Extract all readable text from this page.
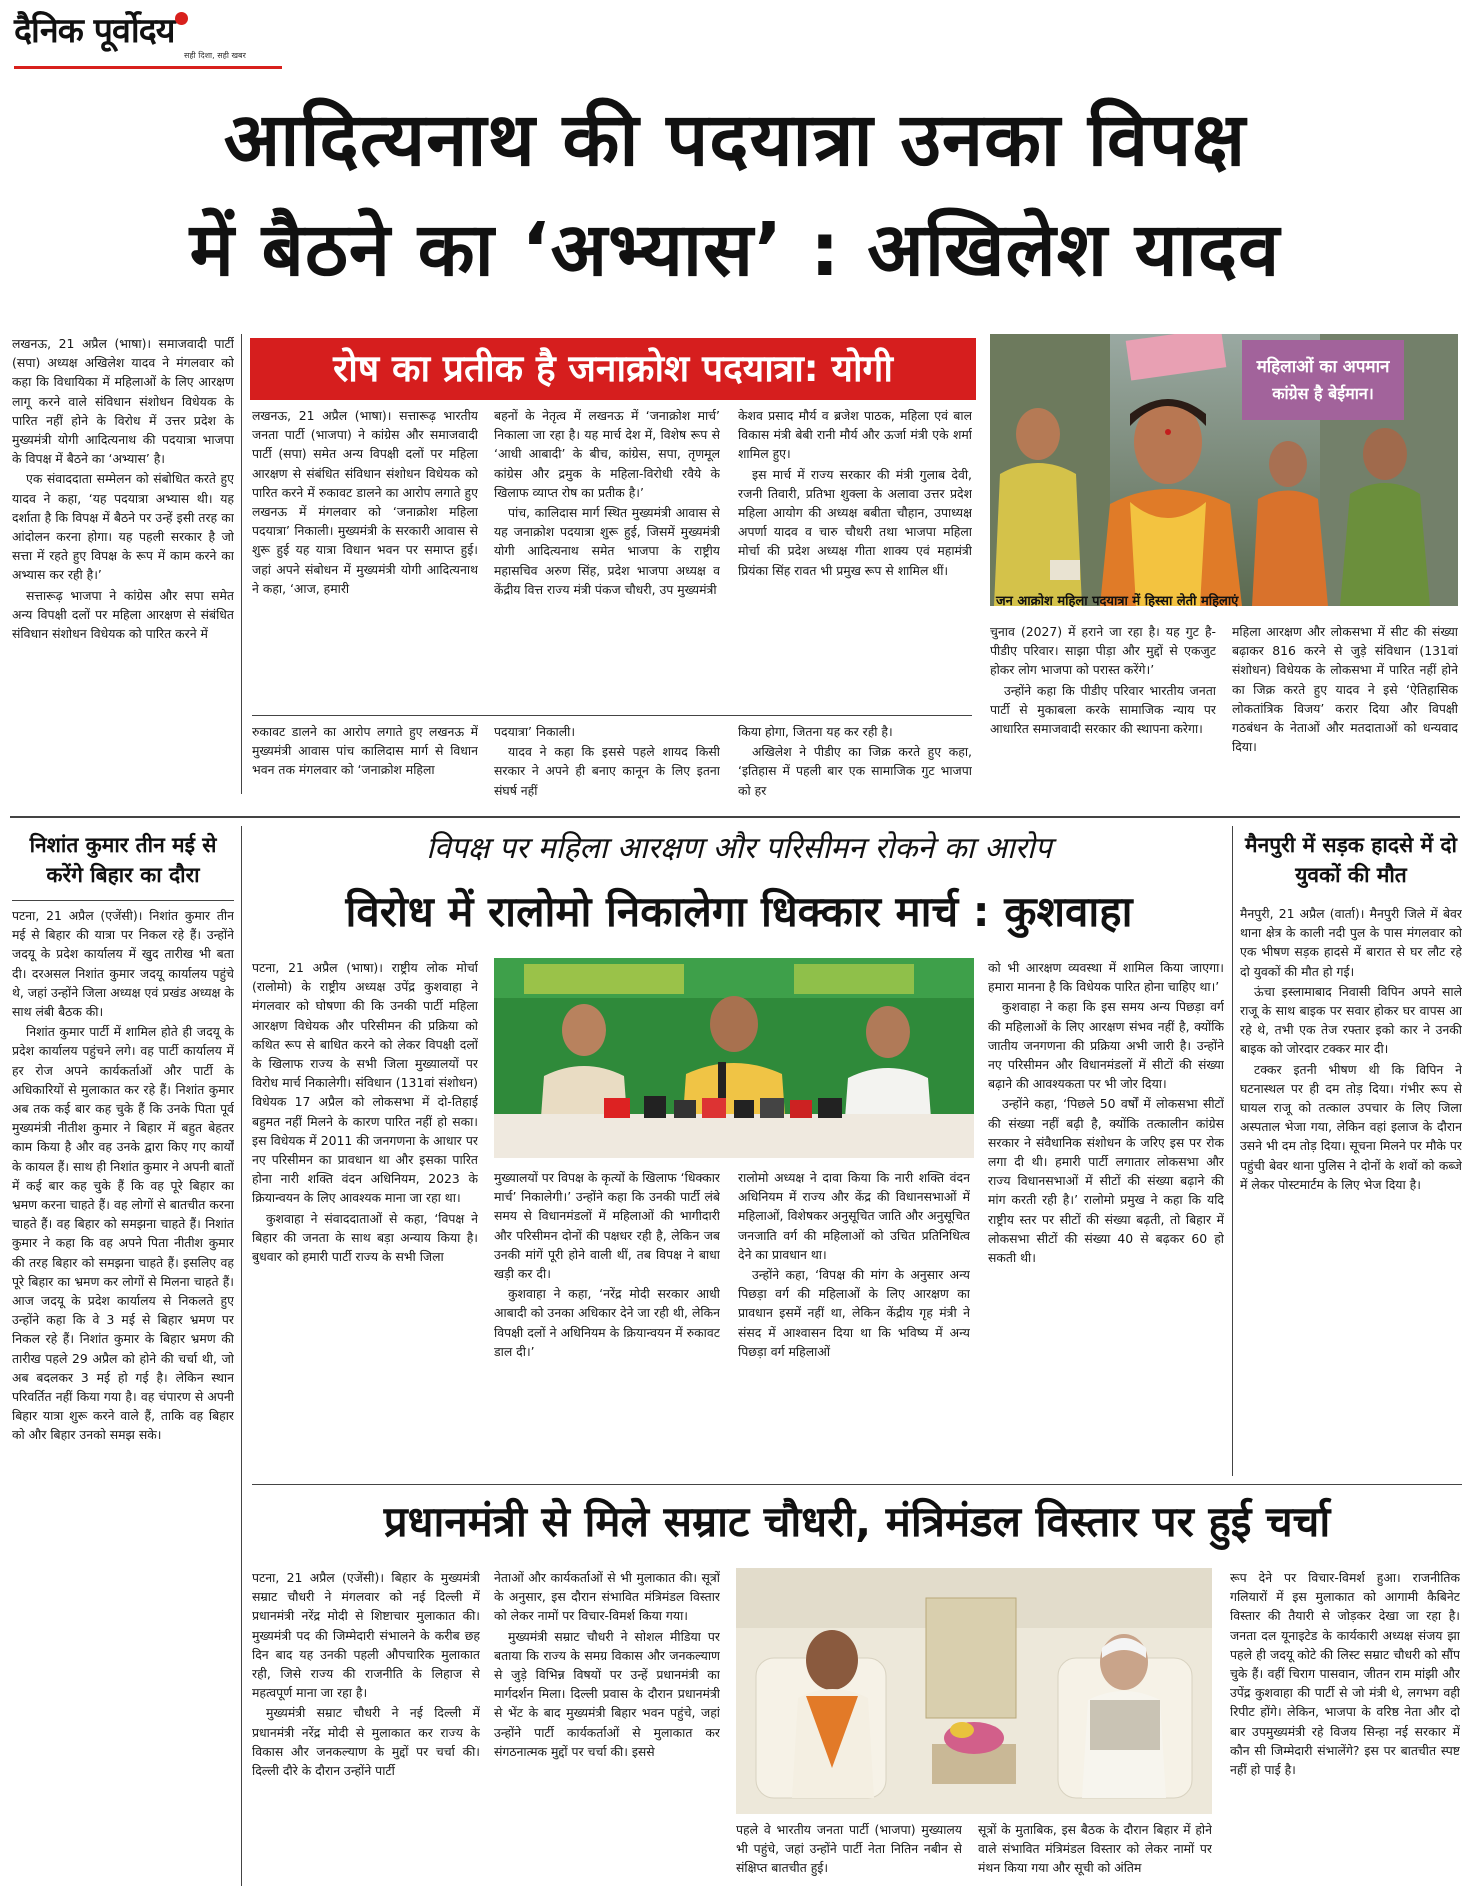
दैनिक पूर्वोदय
सही दिशा, सही खबर
आदित्यनाथ की पदयात्रा उनका विपक्ष
में बैठने का ‘अभ्यास’ : अखिलेश यादव

लखनऊ, 21 अप्रैल (भाषा)। समाजवादी पार्टी (सपा) अध्यक्ष अखिलेश यादव ने मंगलवार को कहा कि विधायिका में महिलाओं के लिए आरक्षण लागू करने वाले संविधान संशोधन विधेयक के पारित नहीं होने के विरोध में उत्तर प्रदेश के मुख्यमंत्री योगी आदित्यनाथ की पदयात्रा भाजपा के विपक्ष में बैठने का ‘अभ्यास’ है।

एक संवाददाता सम्मेलन को संबोधित करते हुए यादव ने कहा, ‘यह पदयात्रा अभ्यास थी। यह दर्शाता है कि विपक्ष में बैठने पर उन्हें इसी तरह का आंदोलन करना होगा। यह पहली सरकार है जो सत्ता में रहते हुए विपक्ष के रूप में काम करने का अभ्यास कर रही है।’

सत्तारूढ़ भाजपा ने कांग्रेस और सपा समेत अन्य विपक्षी दलों पर महिला आरक्षण से संबंधित संविधान संशोधन विधेयक को पारित करने में

रोष का प्रतीक है जनाक्रोश पदयात्रा: योगी

लखनऊ, 21 अप्रैल (भाषा)। सत्तारूढ़ भारतीय जनता पार्टी (भाजपा) ने कांग्रेस और समाजवादी पार्टी (सपा) समेत अन्य विपक्षी दलों पर महिला आरक्षण से संबंधित संविधान संशोधन विधेयक को पारित करने में रुकावट डालने का आरोप लगाते हुए लखनऊ में मंगलवार को ‘जनाक्रोश महिला पदयात्रा’ निकाली। मुख्यमंत्री के सरकारी आवास से शुरू हुई यह यात्रा विधान भवन पर समाप्त हुई। जहां अपने संबोधन में मुख्यमंत्री योगी आदित्यनाथ ने कहा, ‘आज, हमारी

बहनों के नेतृत्व में लखनऊ में ‘जनाक्रोश मार्च’ निकाला जा रहा है। यह मार्च देश में, विशेष रूप से ‘आधी आबादी’ के बीच, कांग्रेस, सपा, तृणमूल कांग्रेस और द्रमुक के महिला-विरोधी रवैये के खिलाफ व्याप्त रोष का प्रतीक है।’

पांच, कालिदास मार्ग स्थित मुख्यमंत्री आवास से यह जनाक्रोश पदयात्रा शुरू हुई, जिसमें मुख्यमंत्री योगी आदित्यनाथ समेत भाजपा के राष्ट्रीय महासचिव अरुण सिंह, प्रदेश भाजपा अध्यक्ष व केंद्रीय वित्त राज्य मंत्री पंकज चौधरी, उप मुख्यमंत्री

केशव प्रसाद मौर्य व ब्रजेश पाठक, महिला एवं बाल विकास मंत्री बेबी रानी मौर्य और ऊर्जा मंत्री एके शर्मा शामिल हुए।

इस मार्च में राज्य सरकार की मंत्री गुलाब देवी, रजनी तिवारी, प्रतिभा शुक्ला के अलावा उत्तर प्रदेश महिला आयोग की अध्यक्ष बबीता चौहान, उपाध्यक्ष अपर्णा यादव व चारु चौधरी तथा भाजपा महिला मोर्चा की प्रदेश अध्यक्ष गीता शाक्य एवं महामंत्री प्रियंका सिंह रावत भी प्रमुख रूप से शामिल थीं।

रुकावट डालने का आरोप लगाते हुए लखनऊ में मुख्यमंत्री आवास पांच कालिदास मार्ग से विधान भवन तक मंगलवार को ‘जनाक्रोश महिला

पदयात्रा’ निकाली।

यादव ने कहा कि इससे पहले शायद किसी सरकार ने अपने ही बनाए कानून के लिए इतना संघर्ष नहीं

किया होगा, जितना यह कर रही है।

अखिलेश ने पीडीए का जिक्र करते हुए कहा, ‘इतिहास में पहली बार एक सामाजिक गुट भाजपा को हर

महिलाओं का अपमान
कांग्रेस है बेईमान।
जन आक्रोश महिला पदयात्रा में हिस्सा लेती महिलाएं

चुनाव (2027) में हराने जा रहा है। यह गुट है-पीडीए परिवार। साझा पीड़ा और मुद्दों से एकजुट होकर लोग भाजपा को परास्त करेंगे।’

उन्होंने कहा कि पीडीए परिवार भारतीय जनता पार्टी से मुकाबला करके सामाजिक न्याय पर आधारित समाजवादी सरकार की स्थापना करेगा।

महिला आरक्षण और लोकसभा में सीट की संख्या बढ़ाकर 816 करने से जुड़े संविधान (131वां संशोधन) विधेयक के लोकसभा में पारित नहीं होने का जिक्र करते हुए यादव ने इसे ‘ऐतिहासिक लोकतांत्रिक विजय’ करार दिया और विपक्षी गठबंधन के नेताओं और मतदाताओं को धन्यवाद दिया।

निशांत कुमार तीन मई से करेंगे बिहार का दौरा

पटना, 21 अप्रैल (एजेंसी)। निशांत कुमार तीन मई से बिहार की यात्रा पर निकल रहे हैं। उन्होंने जदयू के प्रदेश कार्यालय में खुद तारीख भी बता दी। दरअसल निशांत कुमार जदयू कार्यालय पहुंचे थे, जहां उन्होंने जिला अध्यक्ष एवं प्रखंड अध्यक्ष के साथ लंबी बैठक की।

निशांत कुमार पार्टी में शामिल होते ही जदयू के प्रदेश कार्यालय पहुंचने लगे। वह पार्टी कार्यालय में हर रोज अपने कार्यकर्ताओं और पार्टी के अधिकारियों से मुलाकात कर रहे हैं। निशांत कुमार अब तक कई बार कह चुके हैं कि उनके पिता पूर्व मुख्यमंत्री नीतीश कुमार ने बिहार में बहुत बेहतर काम किया है और वह उनके द्वारा किए गए कार्यों के कायल हैं। साथ ही निशांत कुमार ने अपनी बातों में कई बार कह चुके हैं कि वह पूरे बिहार का भ्रमण करना चाहते हैं। वह लोगों से बातचीत करना चाहते हैं। वह बिहार को समझना चाहते हैं। निशांत कुमार ने कहा कि वह अपने पिता नीतीश कुमार की तरह बिहार को समझना चाहते हैं। इसलिए वह पूरे बिहार का भ्रमण कर लोगों से मिलना चाहते हैं। आज जदयू के प्रदेश कार्यालय से निकलते हुए उन्होंने कहा कि वे 3 मई से बिहार भ्रमण पर निकल रहे हैं। निशांत कुमार के बिहार भ्रमण की तारीख पहले 29 अप्रैल को होने की चर्चा थी, जो अब बदलकर 3 मई हो गई है। लेकिन स्थान परिवर्तित नहीं किया गया है। वह चंपारण से अपनी बिहार यात्रा शुरू करने वाले हैं, ताकि वह बिहार को और बिहार उनको समझ सके।

विपक्ष पर महिला आरक्षण और परिसीमन रोकने का आरोप
विरोध में रालोमो निकालेगा धिक्कार मार्च : कुशवाहा

पटना, 21 अप्रैल (भाषा)। राष्ट्रीय लोक मोर्चा (रालोमो) के राष्ट्रीय अध्यक्ष उपेंद्र कुशवाहा ने मंगलवार को घोषणा की कि उनकी पार्टी महिला आरक्षण विधेयक और परिसीमन की प्रक्रिया को कथित रूप से बाधित करने को लेकर विपक्षी दलों के खिलाफ राज्य के सभी जिला मुख्यालयों पर विरोध मार्च निकालेगी। संविधान (131वां संशोधन) विधेयक 17 अप्रैल को लोकसभा में दो-तिहाई बहुमत नहीं मिलने के कारण पारित नहीं हो सका। इस विधेयक में 2011 की जनगणना के आधार पर नए परिसीमन का प्रावधान था और इसका पारित होना नारी शक्ति वंदन अधिनियम, 2023 के क्रियान्वयन के लिए आवश्यक माना जा रहा था।

कुशवाहा ने संवाददाताओं से कहा, ‘विपक्ष ने बिहार की जनता के साथ बड़ा अन्याय किया है। बुधवार को हमारी पार्टी राज्य के सभी जिला

मुख्यालयों पर विपक्ष के कृत्यों के खिलाफ ‘धिक्कार मार्च’ निकालेगी।’ उन्होंने कहा कि उनकी पार्टी लंबे समय से विधानमंडलों में महिलाओं की भागीदारी और परिसीमन दोनों की पक्षधर रही है, लेकिन जब उनकी मांगें पूरी होने वाली थीं, तब विपक्ष ने बाधा खड़ी कर दी।

कुशवाहा ने कहा, ‘नरेंद्र मोदी सरकार आधी आबादी को उनका अधिकार देने जा रही थी, लेकिन विपक्षी दलों ने अधिनियम के क्रियान्वयन में रुकावट डाल दी।’

रालोमो अध्यक्ष ने दावा किया कि नारी शक्ति वंदन अधिनियम में राज्य और केंद्र की विधानसभाओं में महिलाओं, विशेषकर अनुसूचित जाति और अनुसूचित जनजाति वर्ग की महिलाओं को उचित प्रतिनिधित्व देने का प्रावधान था।

उन्होंने कहा, ‘विपक्ष की मांग के अनुसार अन्य पिछड़ा वर्ग की महिलाओं के लिए आरक्षण का प्रावधान इसमें नहीं था, लेकिन केंद्रीय गृह मंत्री ने संसद में आश्वासन दिया था कि भविष्य में अन्य पिछड़ा वर्ग महिलाओं

को भी आरक्षण व्यवस्था में शामिल किया जाएगा। हमारा मानना है कि विधेयक पारित होना चाहिए था।’

कुशवाहा ने कहा कि इस समय अन्य पिछड़ा वर्ग की महिलाओं के लिए आरक्षण संभव नहीं है, क्योंकि जातीय जनगणना की प्रक्रिया अभी जारी है। उन्होंने नए परिसीमन और विधानमंडलों में सीटों की संख्या बढ़ाने की आवश्यकता पर भी जोर दिया।

उन्होंने कहा, ‘पिछले 50 वर्षों में लोकसभा सीटों की संख्या नहीं बढ़ी है, क्योंकि तत्कालीन कांग्रेस सरकार ने संवैधानिक संशोधन के जरिए इस पर रोक लगा दी थी। हमारी पार्टी लगातार लोकसभा और राज्य विधानसभाओं में सीटों की संख्या बढ़ाने की मांग करती रही है।’ रालोमो प्रमुख ने कहा कि यदि राष्ट्रीय स्तर पर सीटों की संख्या बढ़ती, तो बिहार में लोकसभा सीटों की संख्या 40 से बढ़कर 60 हो सकती थी।

मैनपुरी में सड़क हादसे में दो युवकों की मौत

मैनपुरी, 21 अप्रैल (वार्ता)। मैनपुरी जिले में बेवर थाना क्षेत्र के काली नदी पुल के पास मंगलवार को एक भीषण सड़क हादसे में बारात से घर लौट रहे दो युवकों की मौत हो गई।

ऊंचा इस्लामाबाद निवासी विपिन अपने साले राजू के साथ बाइक पर सवार होकर घर वापस आ रहे थे, तभी एक तेज रफ्तार इको कार ने उनकी बाइक को जोरदार टक्कर मार दी।

टक्कर इतनी भीषण थी कि विपिन ने घटनास्थल पर ही दम तोड़ दिया। गंभीर रूप से घायल राजू को तत्काल उपचार के लिए जिला अस्पताल भेजा गया, लेकिन वहां इलाज के दौरान उसने भी दम तोड़ दिया। सूचना मिलने पर मौके पर पहुंची बेवर थाना पुलिस ने दोनों के शवों को कब्जे में लेकर पोस्टमार्टम के लिए भेज दिया है।

प्रधानमंत्री से मिले सम्राट चौधरी, मंत्रिमंडल विस्तार पर हुई चर्चा

पटना, 21 अप्रैल (एजेंसी)। बिहार के मुख्यमंत्री सम्राट चौधरी ने मंगलवार को नई दिल्ली में प्रधानमंत्री नरेंद्र मोदी से शिष्टाचार मुलाकात की। मुख्यमंत्री पद की जिम्मेदारी संभालने के करीब छह दिन बाद यह उनकी पहली औपचारिक मुलाकात रही, जिसे राज्य की राजनीति के लिहाज से महत्वपूर्ण माना जा रहा है।

मुख्यमंत्री सम्राट चौधरी ने नई दिल्ली में प्रधानमंत्री नरेंद्र मोदी से मुलाकात कर राज्य के विकास और जनकल्याण के मुद्दों पर चर्चा की। दिल्ली दौरे के दौरान उन्होंने पार्टी

नेताओं और कार्यकर्ताओं से भी मुलाकात की। सूत्रों के अनुसार, इस दौरान संभावित मंत्रिमंडल विस्तार को लेकर नामों पर विचार-विमर्श किया गया।

मुख्यमंत्री सम्राट चौधरी ने सोशल मीडिया पर बताया कि राज्य के समग्र विकास और जनकल्याण से जुड़े विभिन्न विषयों पर उन्हें प्रधानमंत्री का मार्गदर्शन मिला। दिल्ली प्रवास के दौरान प्रधानमंत्री से भेंट के बाद मुख्यमंत्री बिहार भवन पहुंचे, जहां उन्होंने पार्टी कार्यकर्ताओं से मुलाकात कर संगठनात्मक मुद्दों पर चर्चा की। इससे

पहले वे भारतीय जनता पार्टी (भाजपा) मुख्यालय भी पहुंचे, जहां उन्होंने पार्टी नेता नितिन नबीन से संक्षिप्त बातचीत हुई।

सूत्रों के मुताबिक, इस बैठक के दौरान बिहार में होने वाले संभावित मंत्रिमंडल विस्तार को लेकर नामों पर मंथन किया गया और सूची को अंतिम

रूप देने पर विचार-विमर्श हुआ। राजनीतिक गलियारों में इस मुलाकात को आगामी कैबिनेट विस्तार की तैयारी से जोड़कर देखा जा रहा है। जनता दल यूनाइटेड के कार्यकारी अध्यक्ष संजय झा पहले ही जदयू कोटे की लिस्ट सम्राट चौधरी को सौंप चुके हैं। वहीं चिराग पासवान, जीतन राम मांझी और उपेंद्र कुशवाहा की पार्टी से जो मंत्री थे, लगभग वही रिपीट होंगे। लेकिन, भाजपा के वरिष्ठ नेता और दो बार उपमुख्यमंत्री रहे विजय सिन्हा नई सरकार में कौन सी जिम्मेदारी संभालेंगे? इस पर बातचीत स्पष्ट नहीं हो पाई है।
